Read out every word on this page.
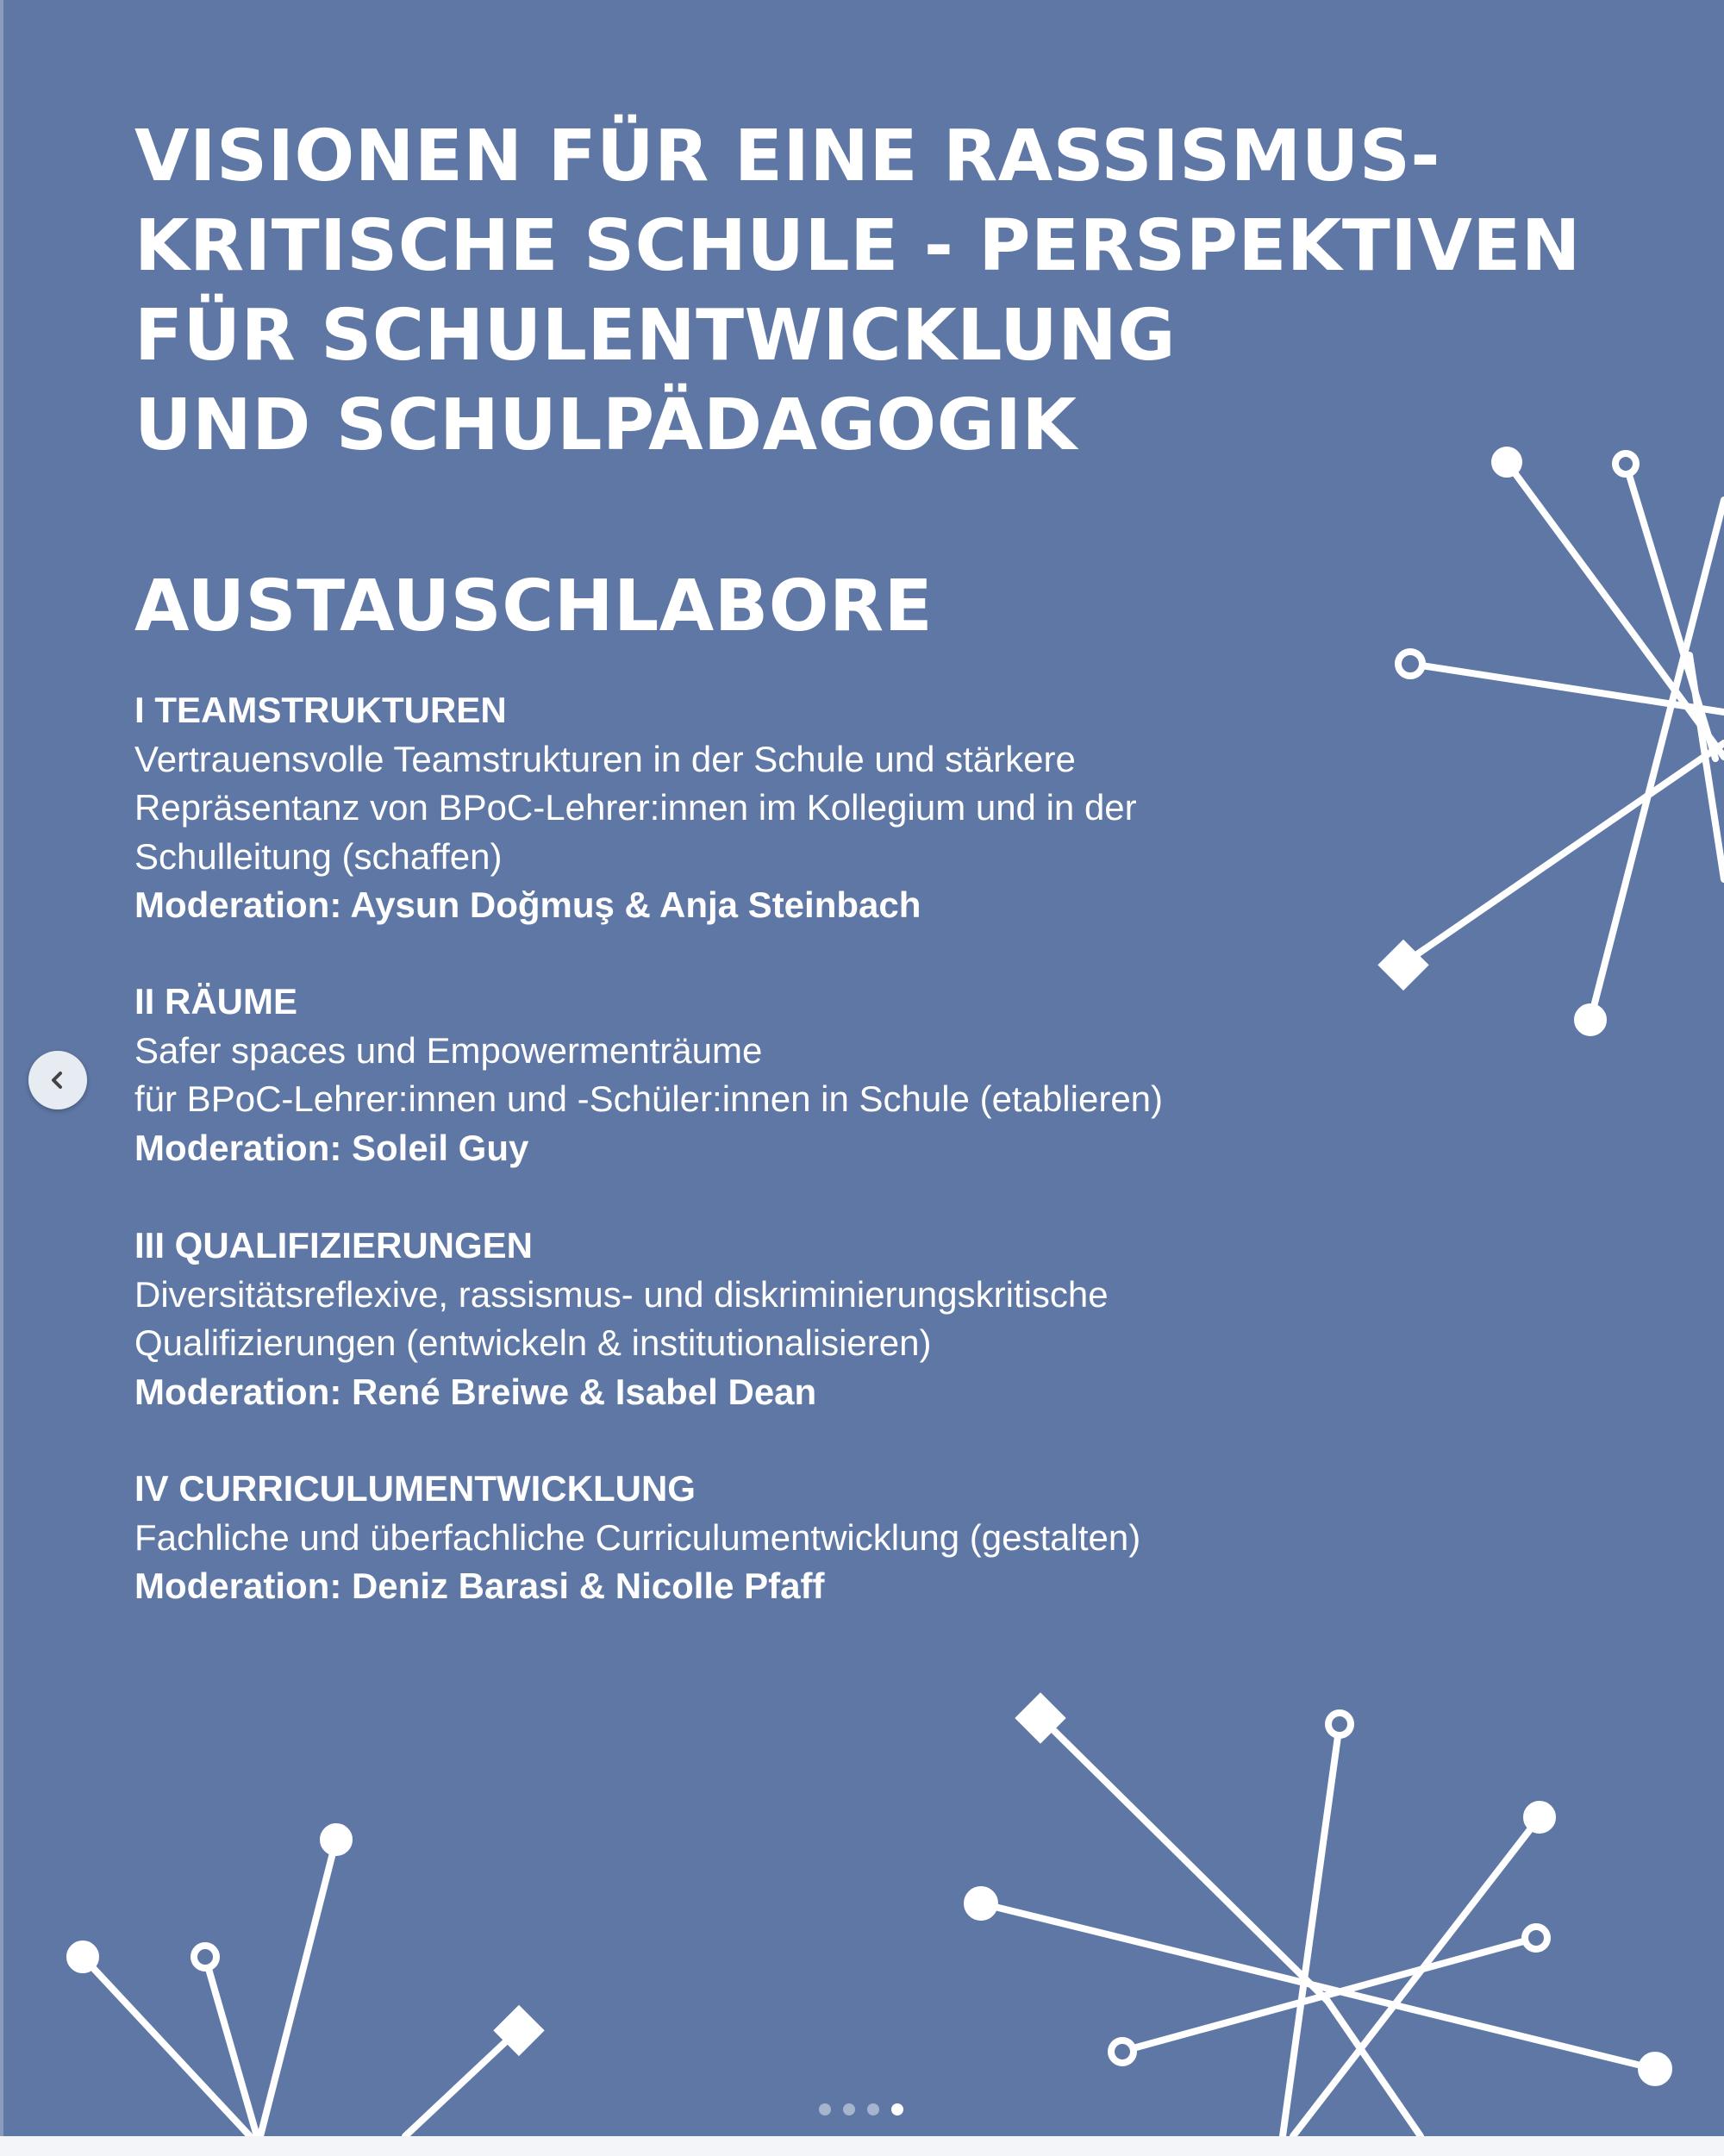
VISIONEN FÜR EINE RASSISMUS-
KRITISCHE SCHULE - PERSPEKTIVEN
FÜR SCHULENTWICKLUNG
UND SCHULPÄDAGOGIK
AUSTAUSCHLABORE
I TEAMSTRUKTUREN
Vertrauensvolle Teamstrukturen in der Schule und stärkere
Repräsentanz von BPoC-Lehrer:innen im Kollegium und in der
Schulleitung (schaffen)
Moderation: Aysun Doğmuş & Anja Steinbach
II RÄUME
Safer spaces und Empowermenträume
für BPoC-Lehrer:innen und -Schüler:innen in Schule (etablieren)
Moderation: Soleil Guy
III QUALIFIZIERUNGEN
Diversitätsreflexive, rassismus- und diskriminierungskritische
Qualifizierungen (entwickeln & institutionalisieren)
Moderation: René Breiwe & Isabel Dean
IV CURRICULUMENTWICKLUNG
Fachliche und überfachliche Curriculumentwicklung (gestalten)
Moderation: Deniz Barasi & Nicolle Pfaff
